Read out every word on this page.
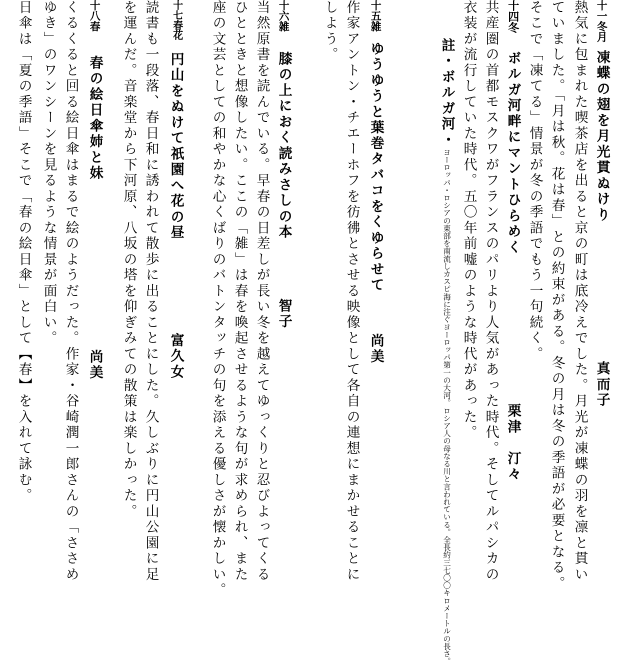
十一冬月凍蝶の翅を月光貫ぬけり真而子
熱気に包まれた喫茶店を出ると京の町は底冷えでした。月光が凍蝶の羽を凛と貫い
ていました。「月は秋。花は春」との約束がある。冬の月は冬の季語が必要となる。
そこで「凍てる」情景が冬の季語でもう一句続く。
十四冬ボルガ河畔にマントひらめく栗津　汀々
共産圏の首都モスクワがフランスのパリより人気があった時代。そしてルパシカの
衣装が流行していた時代。五〇年前嘘のような時代があった。
註・ボルガ河・ヨーロッパ・ロシアの東部を南流しカスピ海に注ぐヨーロッパ第一の大河。ロシア人の母なる川と言われている。全長約三七〇〇キロメートルの長さ。
十五雑ゆうゆうと葉巻タバコをくゆらせて尚美
作家アントン・チエーホフを彷彿とさせる映像として各自の連想にまかせることに
しよう。
十六雑膝の上におく読みさしの本智子
当然原書を読んでいる。早春の日差しが長い冬を越えてゆっくりと忍びよってくる
ひとときと想像したい。ここの「雑」は春を喚起させるような句が求められ、また
座の文芸としての和やかな心くばりのバトンタッチの句を添える優しさが懐かしい。
十七春花円山をぬけて祇園へ花の昼富久女
読書も一段落、春日和に誘われて散歩に出ることにした。久しぶりに円山公園に足
を運んだ。音楽堂から下河原、八坂の塔を仰ぎみての散策は楽しかった。
十八春春の絵日傘姉と妹尚美
くるくると回る絵日傘はまるで絵のようだった。作家・谷崎潤一郎さんの「ささめ
ゆき」のワンシーンを見るような情景が面白い。
日傘は「夏の季語」そこで「春の絵日傘」として【春】を入れて詠む。
